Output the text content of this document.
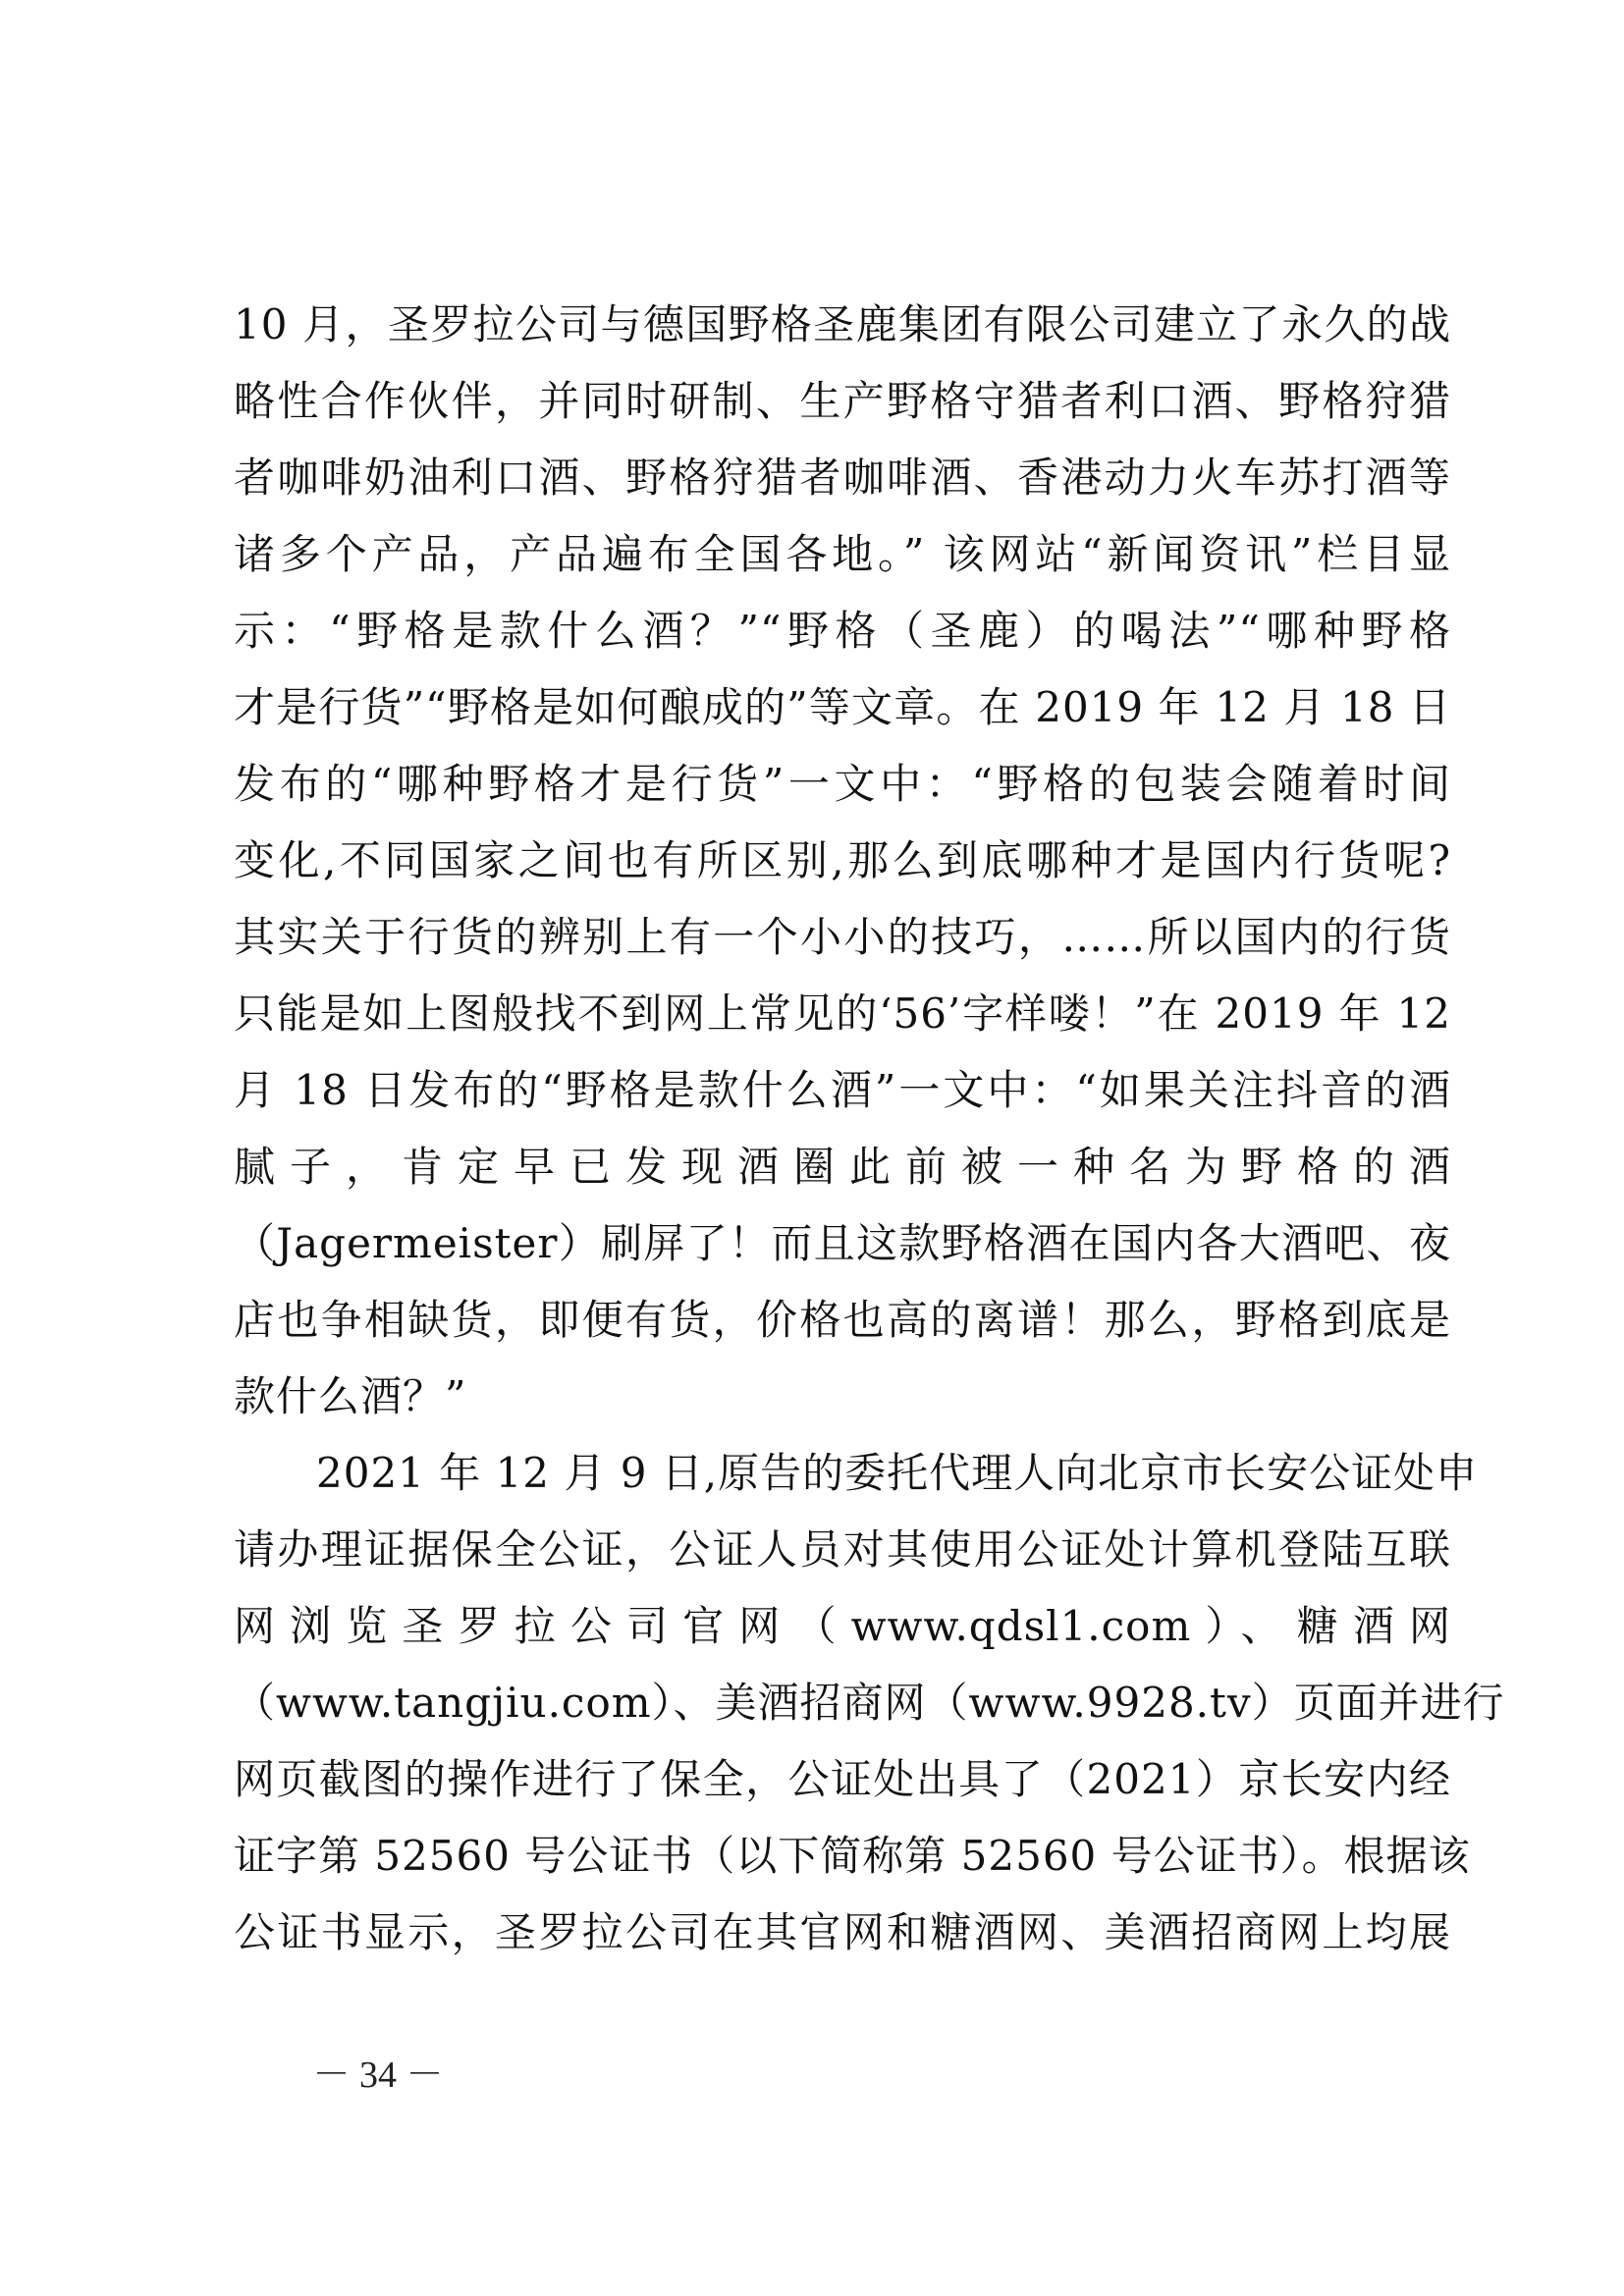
10 月，圣罗拉公司与德国野格圣鹿集团有限公司建立了永久的战
略性合作伙伴，并同时研制、生产野格守猎者利口酒、野格狩猎
者咖啡奶油利口酒、野格狩猎者咖啡酒、香港动力火车苏打酒等
诸多个产品，产品遍布全国各地。” 该网站“新闻资讯”栏目显
示：“野格是款什么酒？”“野格（圣鹿）的喝法”“哪种野格
才是行货”“野格是如何酿成的”等文章。在 2019 年 12 月 18 日
发布的“哪种野格才是行货”一文中：“野格的包装会随着时间
变化,不同国家之间也有所区别,那么到底哪种才是国内行货呢?
其实关于行货的辨别上有一个小小的技巧，……所以国内的行货
只能是如上图般找不到网上常见的‘56’字样喽！”在 2019 年 12
月 18 日发布的“野格是款什么酒”一文中：“如果关注抖音的酒
腻子，肯定早已发现酒圈此前被一种名为野格的酒
（Jagermeister）刷屏了！而且这款野格酒在国内各大酒吧、夜
店也争相缺货，即便有货，价格也高的离谱！那么，野格到底是
款什么酒？”
2021 年 12 月 9 日,原告的委托代理人向北京市长安公证处申
请办理证据保全公证，公证人员对其使用公证处计算机登陆互联
网浏览圣罗拉公司官网（www.qdsl1.com）、糖酒网
（www.tangjiu.com）、美酒招商网（www.9928.tv）页面并进行
网页截图的操作进行了保全，公证处出具了（2021）京长安内经
证字第 52560 号公证书（以下简称第 52560 号公证书）。根据该
公证书显示，圣罗拉公司在其官网和糖酒网、美酒招商网上均展
－ 34 －
